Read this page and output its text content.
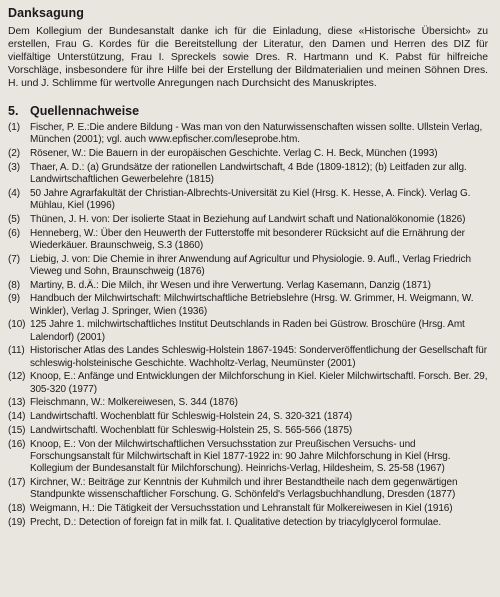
Danksagung

Dem Kollegium der Bundesanstalt danke ich für die Einladung, diese «Historische Übersicht» zu erstellen, Frau G. Kordes für die Bereitstellung der Literatur, den Damen und Herren des DIZ für vielfältige Unterstützung, Frau I. Spreckels sowie Dres. R. Hartmann und K. Pabst für hilfreiche Vorschläge, insbesondere für ihre Hilfe bei der Erstellung der Bildmaterialien und meinen Söhnen Dres. H. und J. Schlimme für wertvolle Anregungen nach Durchsicht des Manuskriptes.

5. Quellennachweise
(1)	Fischer, P. E.:Die andere Bildung - Was man von den Naturwissenschaften wissen sollte. Ullstein Verlag, München (2001); vgl. auch www.epfischer.com/leseprobe.htm.
(2)	Rösener, W.: Die Bauern in der europäischen Geschichte. Verlag C. H. Beck, München (1993)
(3)	Thaer, A. D.: (a) Grundsätze der rationellen Landwirtschaft, 4 Bde (1809-1812); (b) Leitfaden zur allg. Landwirtschaftlichen Gewerbelehre (1815)
(4)	50 Jahre Agrarfakultät der Christian-Albrechts-Universität zu Kiel (Hrsg. K. Hesse, A. Finck). Verlag G. Mühlau, Kiel (1996)
(5)	Thünen, J. H. von: Der isolierte Staat in Beziehung auf Landwirt schaft und Nationalökonomie (1826)
(6)	Henneberg, W.: Über den Heuwerth der Futterstoffe mit besonderer Rücksicht auf die Ernährung der Wiederkäuer. Braunschweig, S.3 (1860)
(7)	Liebig, J. von: Die Chemie in ihrer Anwendung auf Agricultur und Physiologie. 9. Aufl., Verlag Friedrich Vieweg und Sohn, Braunschweig (1876)
(8)	Martiny, B. d.Ä.: Die Milch, ihr Wesen und ihre Verwertung. Verlag Kasemann, Danzig (1871)
(9)	Handbuch der Milchwirtschaft: Milchwirtschaftliche Betriebslehre (Hrsg. W. Grimmer, H. Weigmann, W. Winkler), Verlag J. Springer, Wien (1936)
(10) 125 Jahre 1. milchwirtschaftliches Institut Deutschlands in Raden bei Güstrow. Broschüre (Hrsg. Amt Lalendorf) (2001)
(11) Historischer Atlas des Landes Schleswig-Holstein 1867-1945: Sonderveröffentlichung der Gesellschaft für schleswig-holsteinische Geschichte. Wachholtz-Verlag, Neumünster (2001)
(12) Knoop, E.: Anfänge und Entwicklungen der Milchforschung in Kiel. Kieler Milchwirtschaftl. Forsch. Ber. 29, 305-320 (1977)
(13) Fleischmann, W.: Molkereiwesen, S. 344 (1876)
(14) Landwirtschaftl. Wochenblatt für Schleswig-Holstein 24, S. 320-321 (1874)
(15) Landwirtschaftl. Wochenblatt für Schleswig-Holstein 25, S. 565-566 (1875)
(16) Knoop, E.: Von der Milchwirtschaftlichen Versuchsstation zur Preußischen Versuchs- und Forschungsanstalt für Milchwirtschaft in Kiel 1877-1922 in: 90 Jahre Milchforschung in Kiel (Hrsg. Kollegium der Bundesanstalt für Milchforschung). Heinrichs-Verlag, Hildesheim, S. 25-58 (1967)
(17) Kirchner, W.: Beiträge zur Kenntnis der Kuhmilch und ihrer Bestandtheile nach dem gegenwärtigen Standpunkte wissenschaftlicher Forschung. G. Schönfeld's Verlagsbuchhandlung, Dresden (1877)
(18) Weigmann, H.: Die Tätigkeit der Versuchsstation und Lehranstalt für Molkereiwesen in Kiel (1916)
(19) Precht, D.: Detection of foreign fat in milk fat. I. Qualitative detection by triacylglycerol formulae.
